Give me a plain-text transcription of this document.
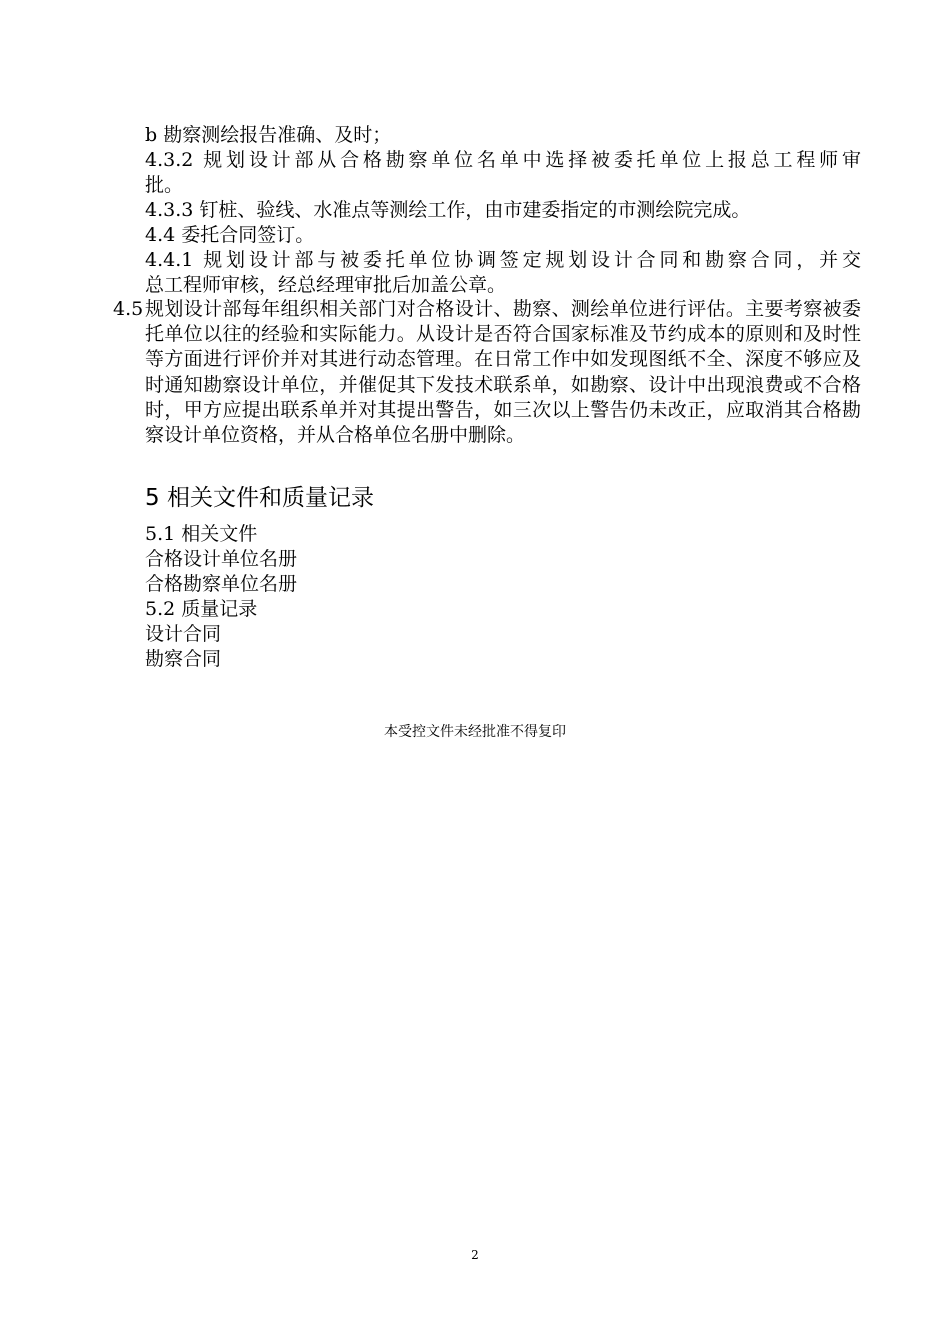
b 勘察测绘报告准确、及时；
4.3.2 规划设计部从合格勘察单位名单中选择被委托单位上报总工程师审
批。
4.3.3 钉桩、验线、水准点等测绘工作，由市建委指定的市测绘院完成。
4.4 委托合同签订。
4.4.1 规划设计部与被委托单位协调签定规划设计合同和勘察合同，并交
总工程师审核，经总经理审批后加盖公章。
4.5 规划设计部每年组织相关部门对合格设计、勘察、测绘单位进行评估。主要考察被委托单位以往的经验和实际能力。从设计是否符合国家标准及节约成本的原则和及时性等方面进行评价并对其进行动态管理。在日常工作中如发现图纸不全、深度不够应及时通知勘察设计单位，并催促其下发技术联系单，如勘察、设计中出现浪费或不合格时，甲方应提出联系单并对其提出警告，如三次以上警告仍未改正，应取消其合格勘察设计单位资格，并从合格单位名册中删除。
5 相关文件和质量记录
5.1 相关文件
合格设计单位名册
合格勘察单位名册
5.2 质量记录
设计合同
勘察合同
本受控文件未经批准不得复印
2
